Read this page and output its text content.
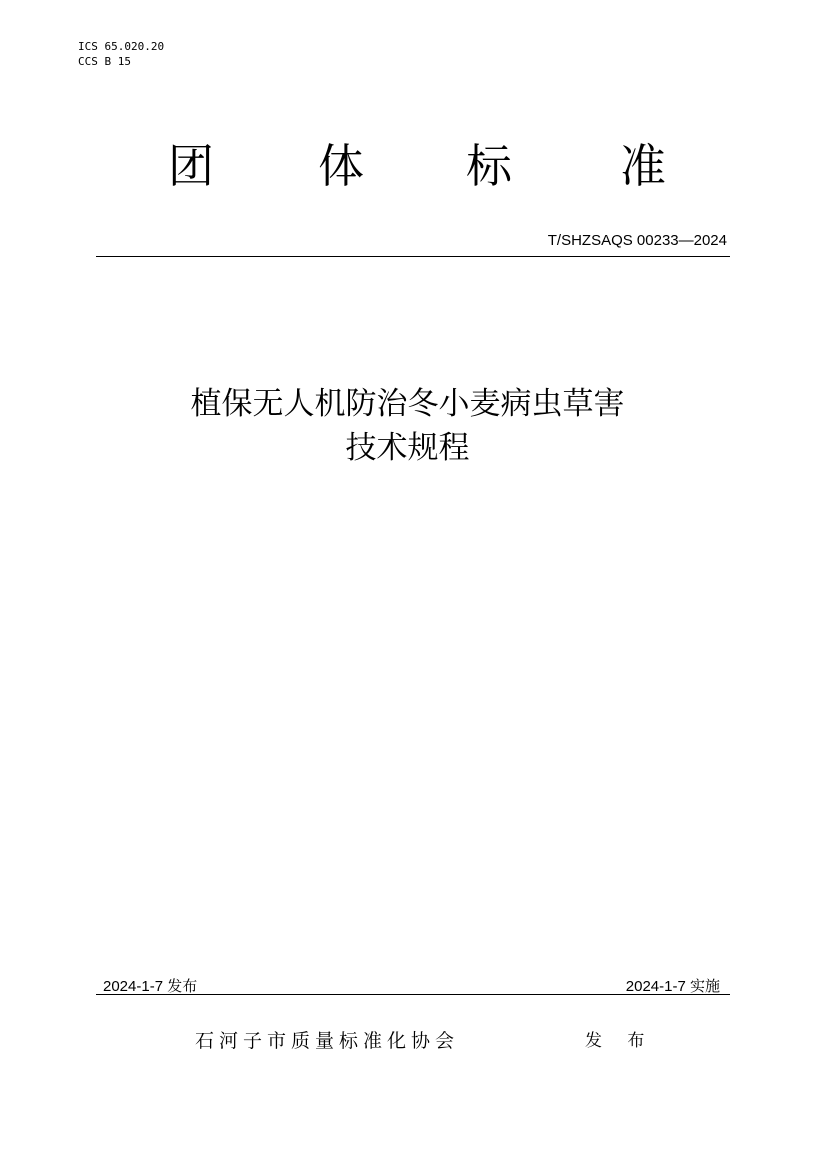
ICS 65.020.20
CCS B 15
团 体 标 准
T/SHZSAQS 00233—2024
植保无人机防治冬小麦病虫草害
技术规程
2024-1-7 发布	2024-1-7 实施
石河子市质量标准化协会	发 布
